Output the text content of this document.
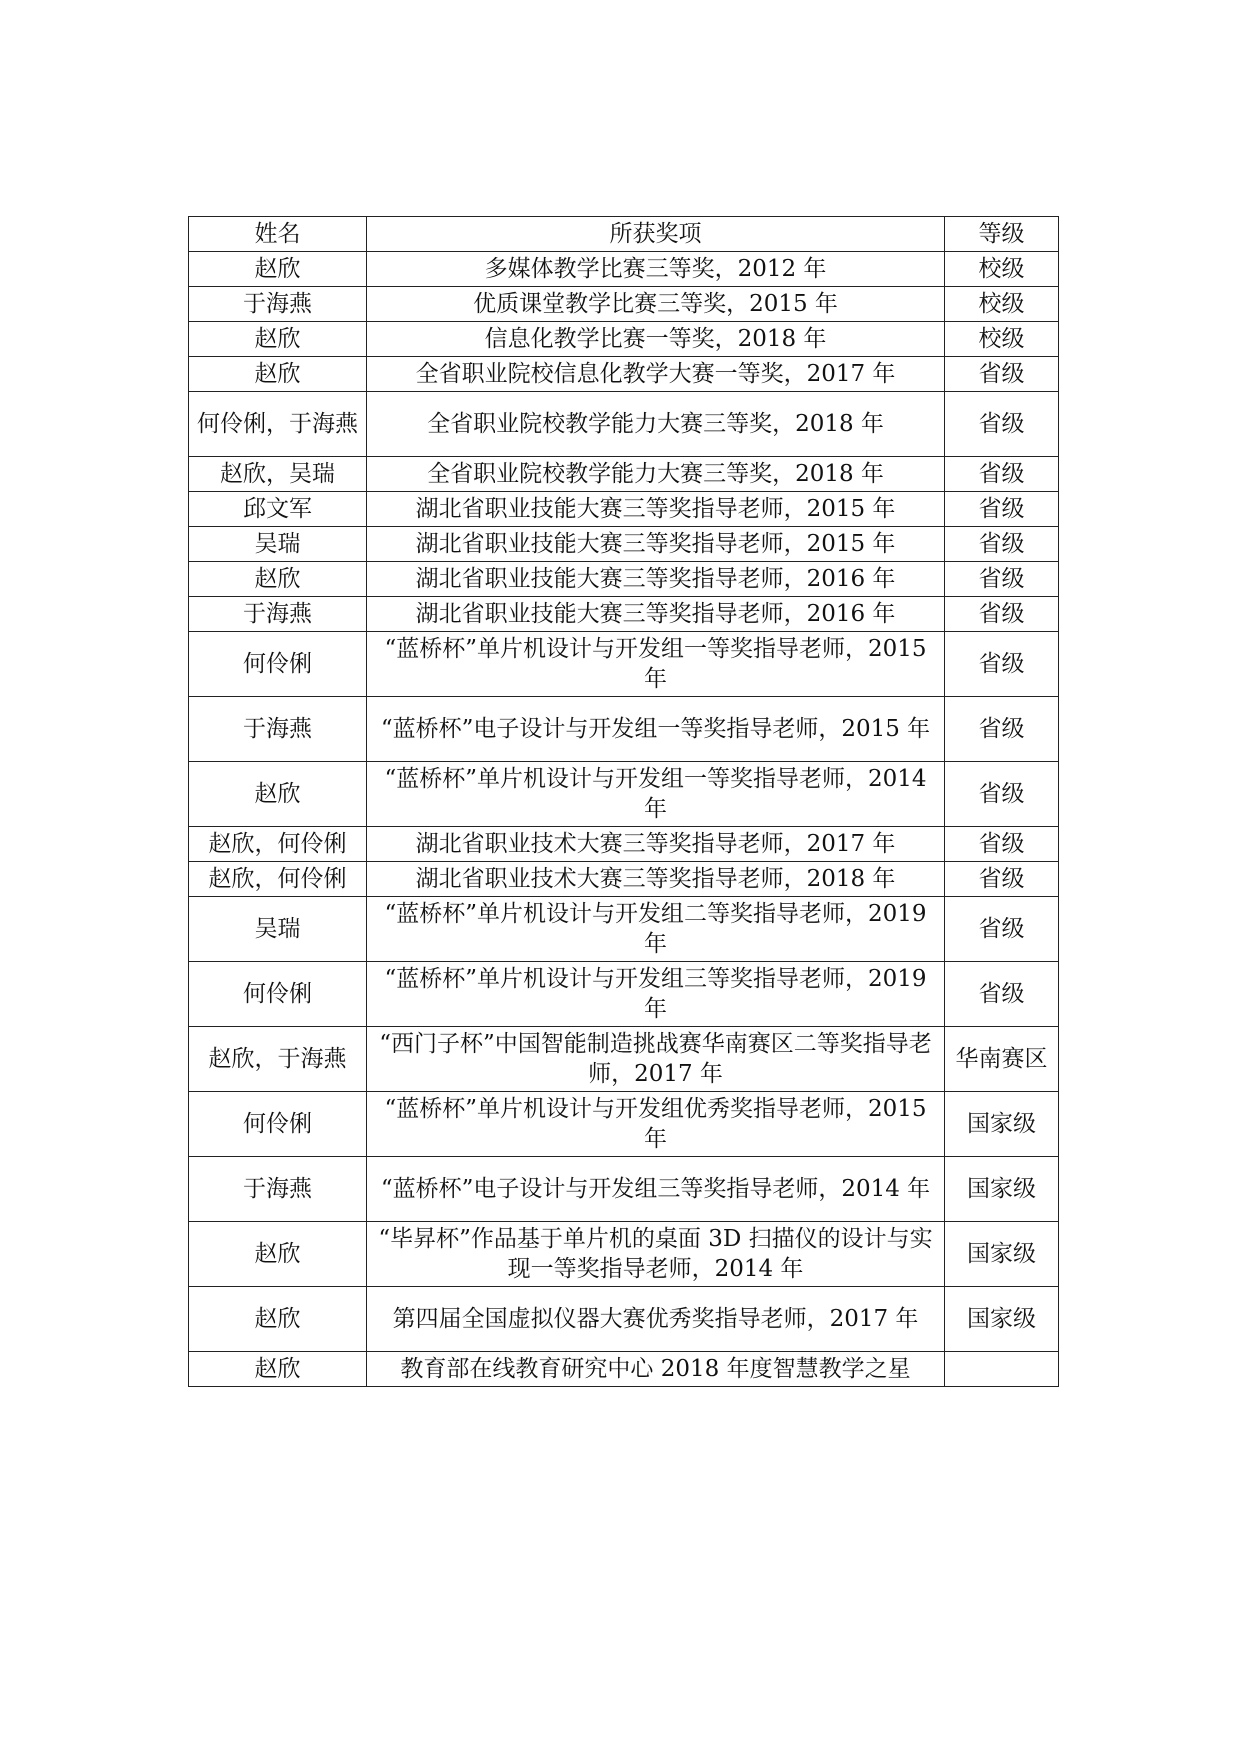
姓名	所获奖项	等级
赵欣	多媒体教学比赛三等奖，2012 年	校级
于海燕	优质课堂教学比赛三等奖，2015 年	校级
赵欣	信息化教学比赛一等奖，2018 年	校级
赵欣	全省职业院校信息化教学大赛一等奖，2017 年	省级
何伶俐，于海燕	全省职业院校教学能力大赛三等奖，2018 年	省级
赵欣，吴瑞	全省职业院校教学能力大赛三等奖，2018 年	省级
邱文军	湖北省职业技能大赛三等奖指导老师，2015 年	省级
吴瑞	湖北省职业技能大赛三等奖指导老师，2015 年	省级
赵欣	湖北省职业技能大赛三等奖指导老师，2016 年	省级
于海燕	湖北省职业技能大赛三等奖指导老师，2016 年	省级
何伶俐	“蓝桥杯”单片机设计与开发组一等奖指导老师，2015 年	省级
于海燕	“蓝桥杯”电子设计与开发组一等奖指导老师，2015 年	省级
赵欣	“蓝桥杯”单片机设计与开发组一等奖指导老师，2014 年	省级
赵欣，何伶俐	湖北省职业技术大赛三等奖指导老师，2017 年	省级
赵欣，何伶俐	湖北省职业技术大赛三等奖指导老师，2018 年	省级
吴瑞	“蓝桥杯”单片机设计与开发组二等奖指导老师，2019 年	省级
何伶俐	“蓝桥杯”单片机设计与开发组三等奖指导老师，2019 年	省级
赵欣，于海燕	“西门子杯”中国智能制造挑战赛华南赛区二等奖指导老师，2017 年	华南赛区
何伶俐	“蓝桥杯”单片机设计与开发组优秀奖指导老师，2015 年	国家级
于海燕	“蓝桥杯”电子设计与开发组三等奖指导老师，2014 年	国家级
赵欣	“毕昇杯”作品基于单片机的桌面 3D 扫描仪的设计与实现一等奖指导老师，2014 年	国家级
赵欣	第四届全国虚拟仪器大赛优秀奖指导老师，2017 年	国家级
赵欣	教育部在线教育研究中心 2018 年度智慧教学之星	
